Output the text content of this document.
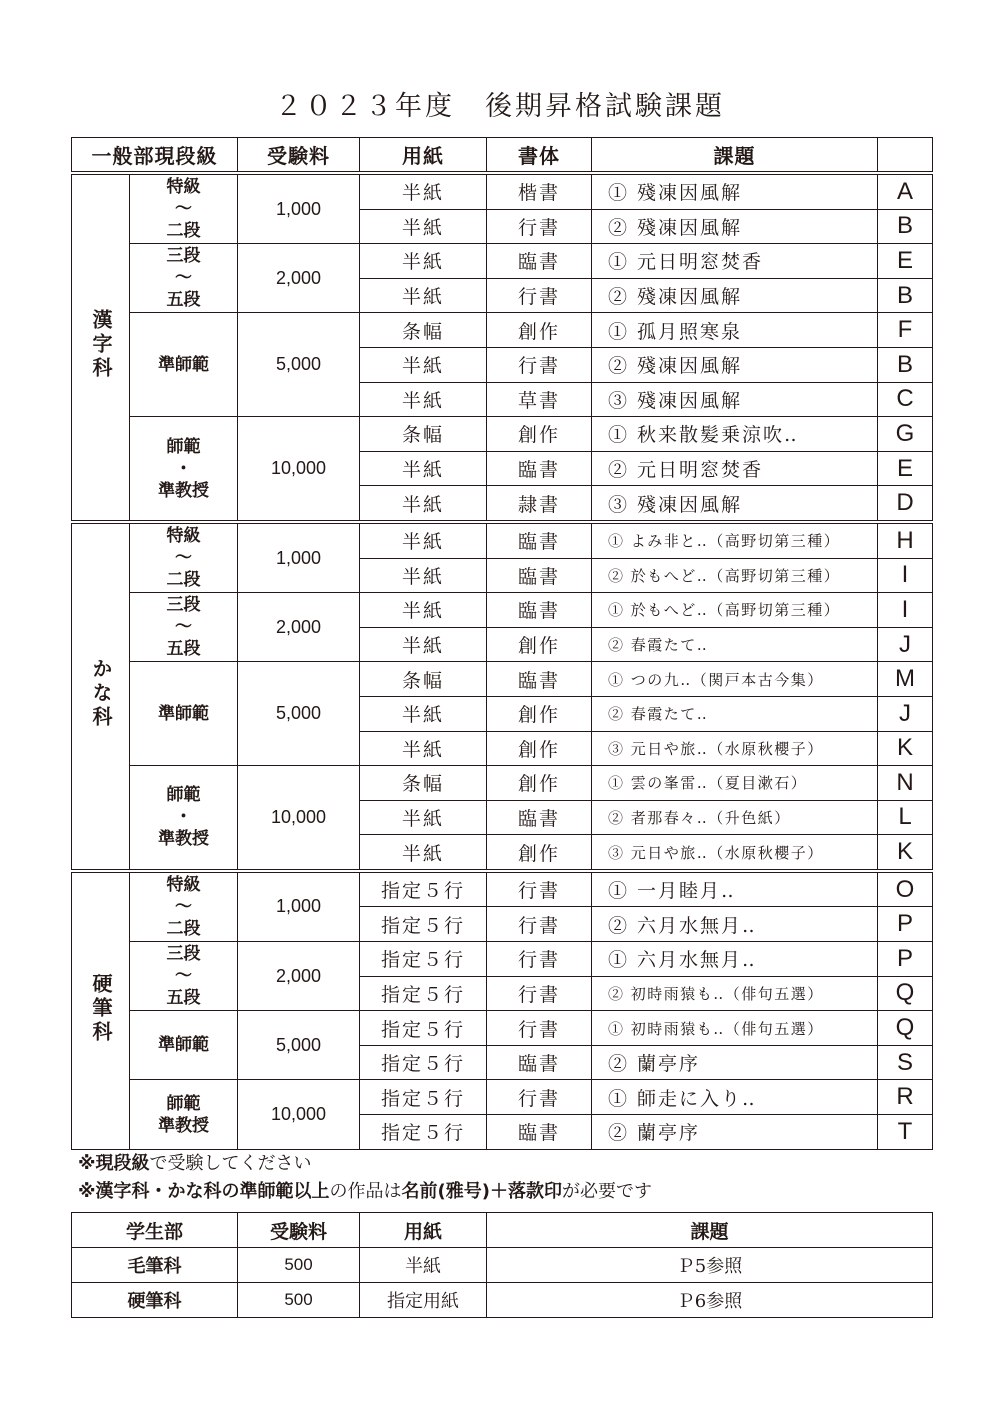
２０２３年度　後期昇格試験課題
一般部現段級		受験料	用紙	書体	課題	
漢字科	特級
～
二段	1,000	半紙	楷書	① 殘凍因風解	A
			半紙	行書	② 殘凍因風解	B

	三段
～
五段	2,000	半紙	臨書	① 元日明窓焚香	E
			半紙	行書	② 殘凍因風解	B

	準師範	5,000	条幅	創作	① 孤月照寒泉	F
			半紙	行書	② 殘凍因風解	B
			半紙	草書	③ 殘凍因風解	C

	師範
・
準教授	10,000	条幅	創作	① 秋来散髪乗涼吹‥	G
			半紙	臨書	② 元日明窓焚香	E
			半紙	隷書	③ 殘凍因風解	D
かな科	特級
～
二段	1,000	半紙	臨書	① よみ非と‥（高野切第三種）	H
			半紙	臨書	② 於もへど‥（高野切第三種）	I

	三段
～
五段	2,000	半紙	臨書	① 於もへど‥（高野切第三種）	I
			半紙	創作	② 春霞たて‥	J

	準師範	5,000	条幅	臨書	① つの九‥（関戸本古今集）	M
			半紙	創作	② 春霞たて‥	J
			半紙	創作	③ 元日や旅‥（水原秋櫻子）	K

	師範
・
準教授	10,000	条幅	創作	① 雲の峯雷‥（夏目漱石）	N
			半紙	臨書	② 者那春々‥（升色紙）	L
			半紙	創作	③ 元日や旅‥（水原秋櫻子）	K
硬筆科	特級
～
二段	1,000	指定５行	行書	① 一月睦月‥	O
			指定５行	行書	② 六月水無月‥	P

	三段
～
五段	2,000	指定５行	行書	① 六月水無月‥	P
			指定５行	行書	② 初時雨猿も‥（俳句五選）	Q

	準師範	5,000	指定５行	行書	① 初時雨猿も‥（俳句五選）	Q
			指定５行	臨書	② 蘭亭序	S

	師範
準教授	10,000	指定５行	行書	① 師走に入り‥	R
			指定５行	臨書	② 蘭亭序	T
※現段級で受験してください
※漢字科・かな科の準師範以上の作品は名前(雅号)＋落款印が必要です
学生部	受験料	用紙	課題
毛筆科	500	半紙	Ｐ5参照
硬筆科	500	指定用紙	Ｐ6参照
